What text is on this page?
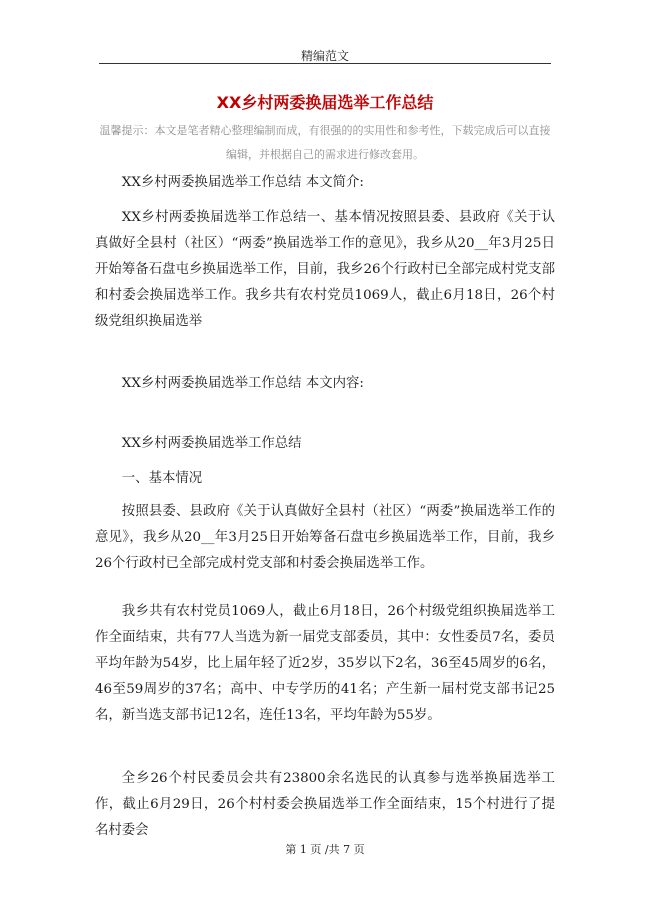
精编范文
XX乡村两委换届选举工作总结

温馨提示：本文是笔者精心整理编制而成，有很强的的实用性和参考性，下载完成后可以直接

编辑，并根据自己的需求进行修改套用。

XX乡村两委换届选举工作总结 本文简介:

XX乡村两委换届选举工作总结一、基本情况按照县委、县政府《关于认真做好全县村（社区）“两委”换届选举工作的意见》，我乡从20__年3月25日开始筹备石盘屯乡换届选举工作，目前，我乡26个行政村已全部完成村党支部和村委会换届选举工作。我乡共有农村党员1069人，截止6月18日，26个村级党组织换届选举

XX乡村两委换届选举工作总结 本文内容:

XX乡村两委换届选举工作总结

一、基本情况

按照县委、县政府《关于认真做好全县村（社区）“两委”换届选举工作的意见》，我乡从20__年3月25日开始筹备石盘屯乡换届选举工作，目前，我乡26个行政村已全部完成村党支部和村委会换届选举工作。

我乡共有农村党员1069人，截止6月18日，26个村级党组织换届选举工作全面结束，共有77人当选为新一届党支部委员，其中：女性委员7名，委员平均年龄为54岁，比上届年轻了近2岁，35岁以下2名，36至45周岁的6名，46至59周岁的37名；高中、中专学历的41名；产生新一届村党支部书记25名，新当选支部书记12名，连任13名，平均年龄为55岁。

全乡26个村民委员会共有23800余名选民的认真参与选举换届选举工作，截止6月29日，26个村村委会换届选举工作全面结束，15个村进行了提名村委会

第 1 页 /共 7 页
